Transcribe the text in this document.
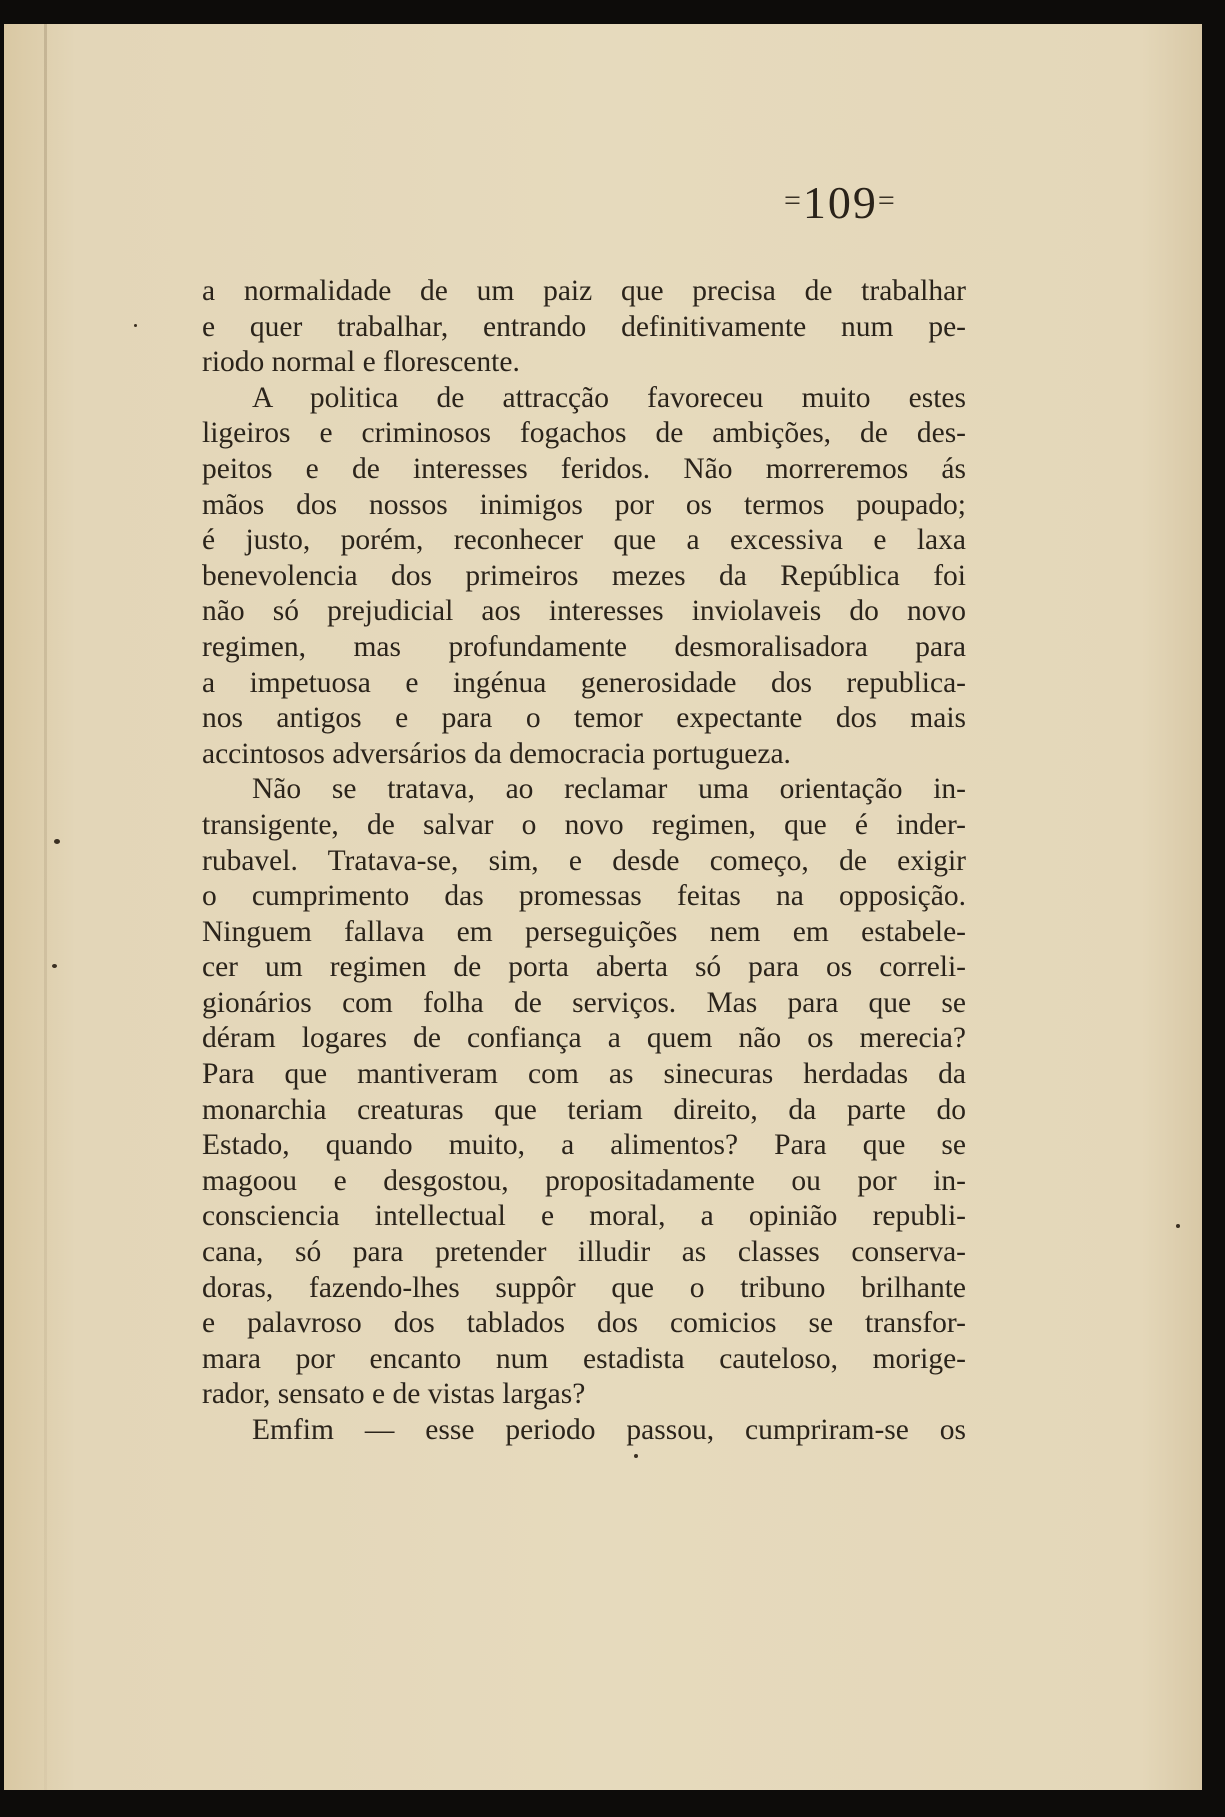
=109=
a normalidade de um paiz que precisa de trabalhar
e quer trabalhar, entrando definitivamente num pe-
riodo normal e florescente.
A politica de attracção favoreceu muito estes
ligeiros e criminosos fogachos de ambições, de des-
peitos e de interesses feridos. Não morreremos ás
mãos dos nossos inimigos por os termos poupado;
é justo, porém, reconhecer que a excessiva e laxa
benevolencia dos primeiros mezes da República foi
não só prejudicial aos interesses inviolaveis do novo
regimen, mas profundamente desmoralisadora para
a impetuosa e ingénua generosidade dos republica-
nos antigos e para o temor expectante dos mais
accintosos adversários da democracia portugueza.
Não se tratava, ao reclamar uma orientação in-
transigente, de salvar o novo regimen, que é inder-
rubavel. Tratava-se, sim, e desde começo, de exigir
o cumprimento das promessas feitas na opposição.
Ninguem fallava em perseguições nem em estabele-
cer um regimen de porta aberta só para os correli-
gionários com folha de serviços. Mas para que se
déram logares de confiança a quem não os merecia?
Para que mantiveram com as sinecuras herdadas da
monarchia creaturas que teriam direito, da parte do
Estado, quando muito, a alimentos? Para que se
magoou e desgostou, propositadamente ou por in-
consciencia intellectual e moral, a opinião republi-
cana, só para pretender illudir as classes conserva-
doras, fazendo-lhes suppôr que o tribuno brilhante
e palavroso dos tablados dos comicios se transfor-
mara por encanto num estadista cauteloso, morige-
rador, sensato e de vistas largas?
Emfim — esse periodo passou, cumpriram-se os
